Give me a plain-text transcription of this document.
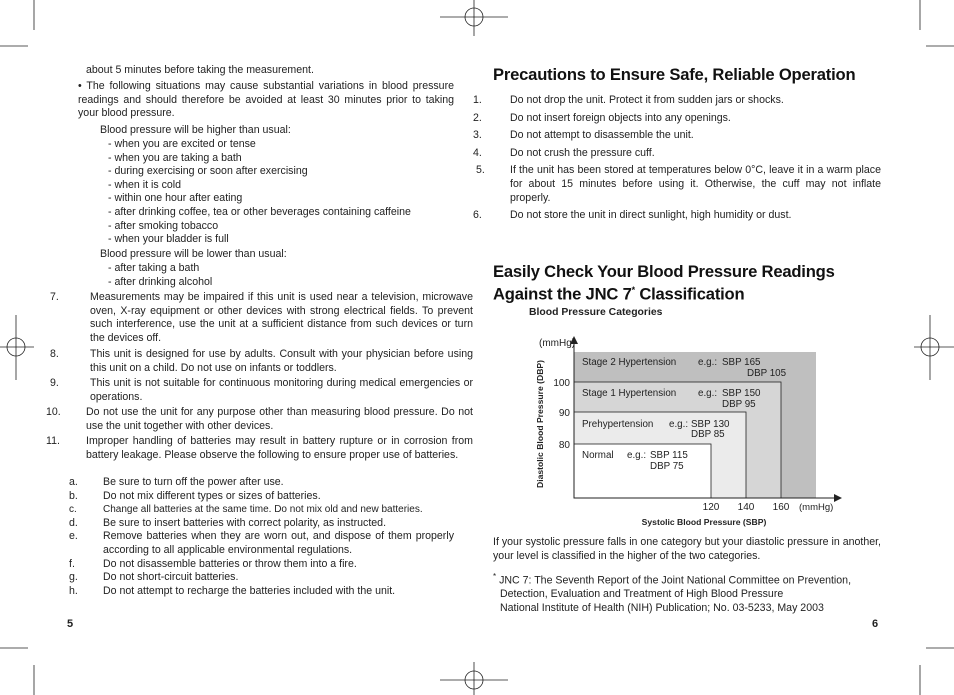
about 5 minutes before taking the measurement.
• The following situations may cause substantial variations in blood pressure readings and should therefore be avoided at least 30 minutes prior to taking your blood pressure.
Blood pressure will be higher than usual:
- when you are excited or tense
- when you are taking a bath
- during exercising or soon after exercising
- when it is cold
- within one hour after eating
- after drinking coffee, tea or other beverages containing caffeine
- after smoking tobacco
- when your bladder is full
Blood pressure will be lower than usual:
- after taking a bath
- after drinking alcohol
7.	Measurements may be impaired if this unit is used near a television, microwave oven, X-ray equipment or other devices with strong electrical fields. To prevent such interference, use the unit at a sufficient distance from such devices or turn the devices off.
8.	This unit is designed for use by adults. Consult with your physician before using this unit on a child. Do not use on infants or toddlers.
9.	This unit is not suitable for continuous monitoring during medical emergencies or operations.
10. Do not use the unit for any purpose other than measuring blood pressure. Do not use the unit together with other devices.
11. Improper handling of batteries may result in battery rupture or in corrosion from battery leakage. Please observe the following to ensure proper use of batteries.
a. Be sure to turn off the power after use.
b. Do not mix different types or sizes of batteries.
c.	Change all batteries at the same time. Do not mix old and new batteries.
d. Be sure to insert batteries with correct polarity, as instructed.
e. Remove batteries when they are worn out, and dispose of them properly according to all applicable environmental regulations.
f.	Do not disassemble batteries or throw them into a fire.
g. Do not short-circuit batteries.
h. Do not attempt to recharge the batteries included with the unit.
5
Precautions to Ensure Safe, Reliable Operation
1.	Do not drop the unit. Protect it from sudden jars or shocks.
2.	Do not insert foreign objects into any openings.
3.	Do not attempt to disassemble the unit.
4.	Do not crush the pressure cuff.
5. If the unit has been stored at temperatures below 0°C, leave it in a warm place for about 15 minutes before using it. Otherwise, the cuff may not inflate properly.
6.	Do not store the unit in direct sunlight, high humidity or dust.
Easily Check Your Blood Pressure Readings
Against the JNC 7* Classification
Blood Pressure Categories
(mmHg)
(mmHg)
100
90
80
120 140 160
Diastolic Blood Pressure (DBP)
Systolic Blood Pressure (SBP)
Stage 2 Hypertension e.g.: SBP 165
DBP 105
Stage 1 Hypertension e.g.: SBP 150
DBP 95
Prehypertension e.g.: SBP 130
DBP 85
Normal e.g.: SBP 115
DBP 75
If your systolic pressure falls in one category but your diastolic pressure in another, your level is classified in the higher of the two categories.
* JNC 7: The Seventh Report of the Joint National Committee on Prevention,
Detection, Evaluation and Treatment of High Blood Pressure
National Institute of Health (NIH) Publication; No. 03-5233, May 2003
6
